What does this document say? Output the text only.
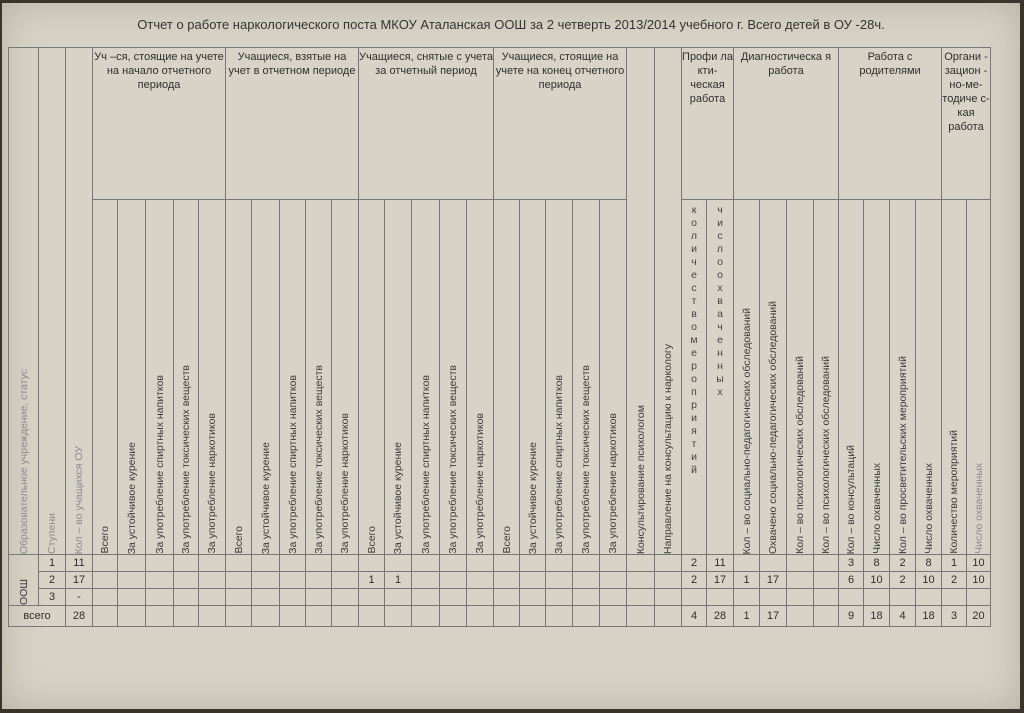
Отчет о работе наркологического поста МКОУ Аталанская ООШ за 2 четверть 2013/2014 учебного г. Всего детей в ОУ -28ч.
Образовательное учреждение, статус	Ступени	Кол – во учащихся ОУ	Уч –ся, стоящие на учете на начало отчетного периода					Учащиеся, взятые на учет в отчетном периоде					Учащиеся, снятые с учета за отчетный период					Учащиеся, стоящие на учете на конец отчетного периода					Консультирование психологом	Направление на консультацию к наркологу	Профи ла кти- ческая работа		Диагностическа я работа				Работа с родителями				Органи - зацион - но-ме- тодиче с- кая работа	

			Всего	За устойчивое курение	За употребление спиртных напитков	За употребление токсических веществ	За употребление наркотиков	Всего	За устойчивое курение	За употребление спиртных напитков	За употребление токсических веществ	За употребление наркотиков	Всего	За устойчивое курение	За употребление спиртных напитков	За употребление токсических веществ	За употребление наркотиков	Всего	За устойчивое курение	За употребление спиртных напитков	За употребление токсических веществ	За употребление наркотиков			к о л и ч е с т в о м е р о п р и я т и й	ч и с л о о х в а ч е н н ы х	Кол – во социально-педагогических обследований	Охвачено социально-педагогических обследований	Кол – во психологических обследований	Кол – во психологических обследований	Кол – во консультаций	Число охваченных	Кол – во просветительских мероприятий	Число охваченных	Количество мероприятий	Число охваченных

ООШ	1	11																							2	11					3	8	2	8	1	10
	2	17											1	1											2	17	1	17			6	10	2	10	2	10
	3	-																																		
всего		28																							4	28	1	17			9	18	4	18	3	20
